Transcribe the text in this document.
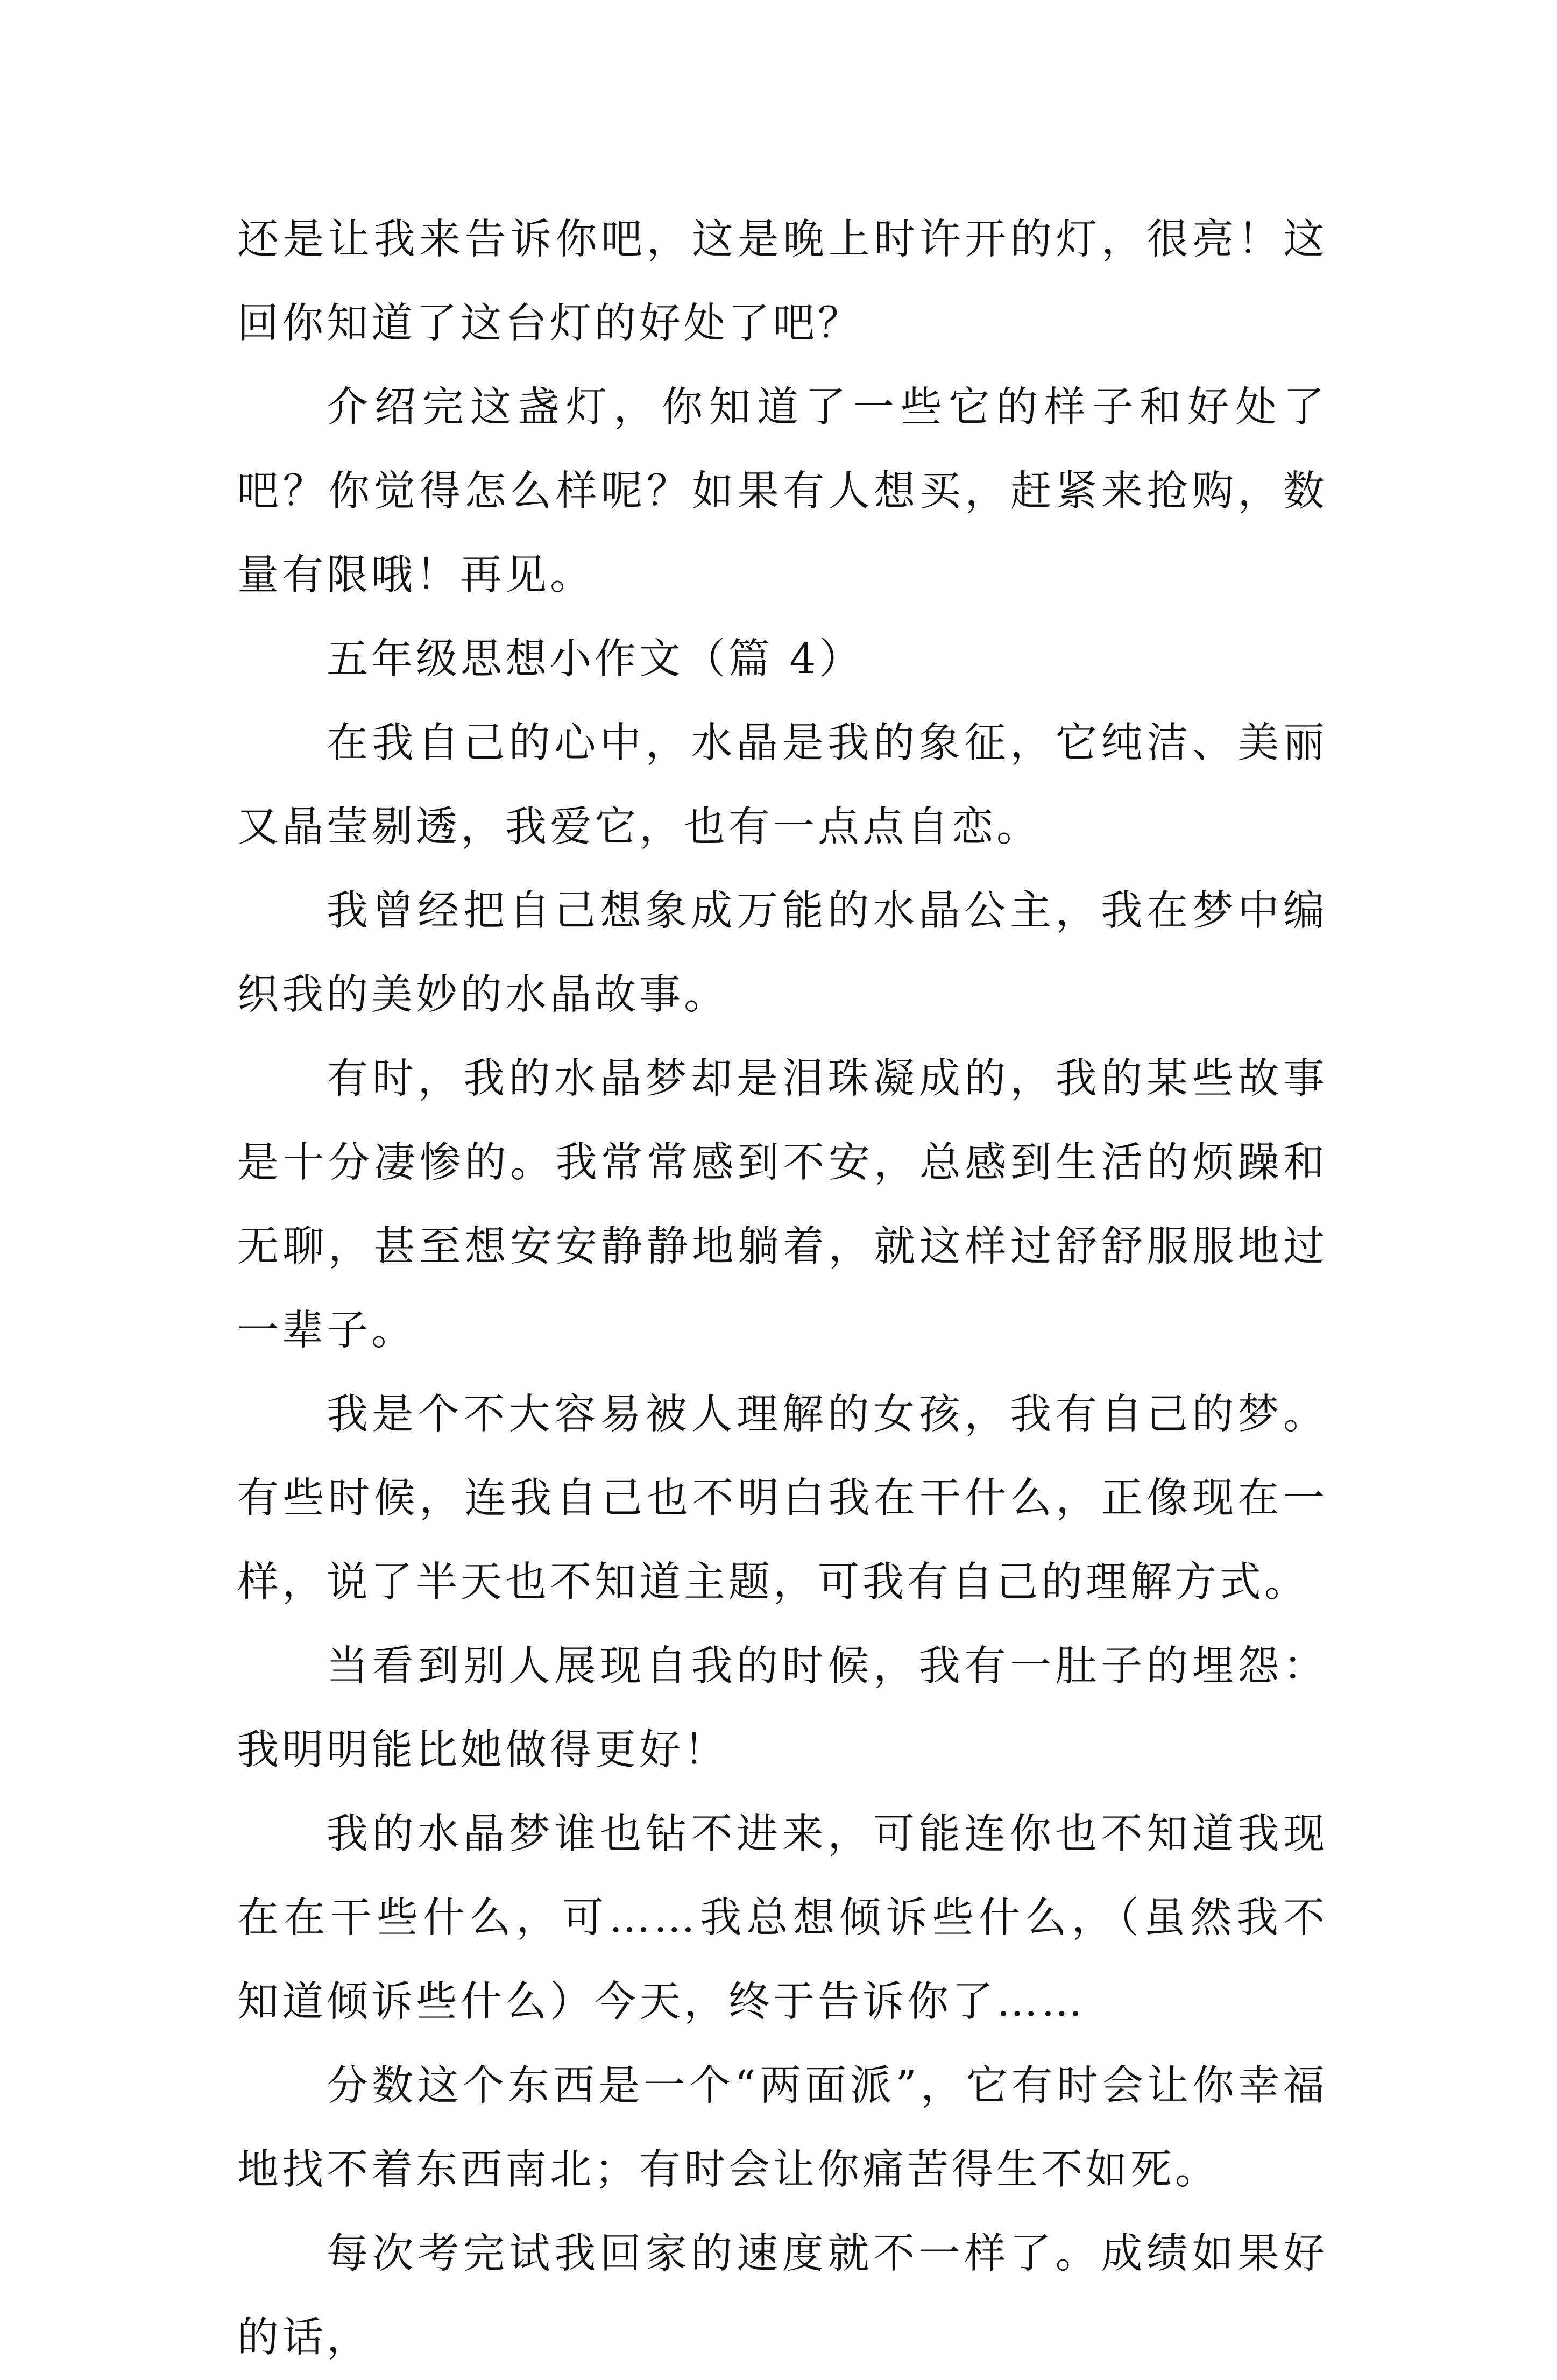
还是让我来告诉你吧，这是晚上时许开的灯，很亮！这回你知道了这台灯的好处了吧？

介绍完这盏灯，你知道了一些它的样子和好处了吧？你觉得怎么样呢？如果有人想买，赶紧来抢购，数量有限哦！再见。

五年级思想小作文（篇 4）

在我自己的心中，水晶是我的象征，它纯洁、美丽又晶莹剔透，我爱它，也有一点点自恋。

我曾经把自己想象成万能的水晶公主，我在梦中编织我的美妙的水晶故事。

有时，我的水晶梦却是泪珠凝成的，我的某些故事是十分凄惨的。我常常感到不安，总感到生活的烦躁和无聊，甚至想安安静静地躺着，就这样过舒舒服服地过一辈子。

我是个不大容易被人理解的女孩，我有自己的梦。有些时候，连我自己也不明白我在干什么，正像现在一样，说了半天也不知道主题，可我有自己的理解方式。

当看到别人展现自我的时候，我有一肚子的埋怨：我明明能比她做得更好！

我的水晶梦谁也钻不进来，可能连你也不知道我现在在干些什么，可……我总想倾诉些什么，（虽然我不知道倾诉些什么）今天，终于告诉你了……

分数这个东西是一个“两面派”，它有时会让你幸福地找不着东西南北；有时会让你痛苦得生不如死。

每次考完试我回家的速度就不一样了。成绩如果好的话，
